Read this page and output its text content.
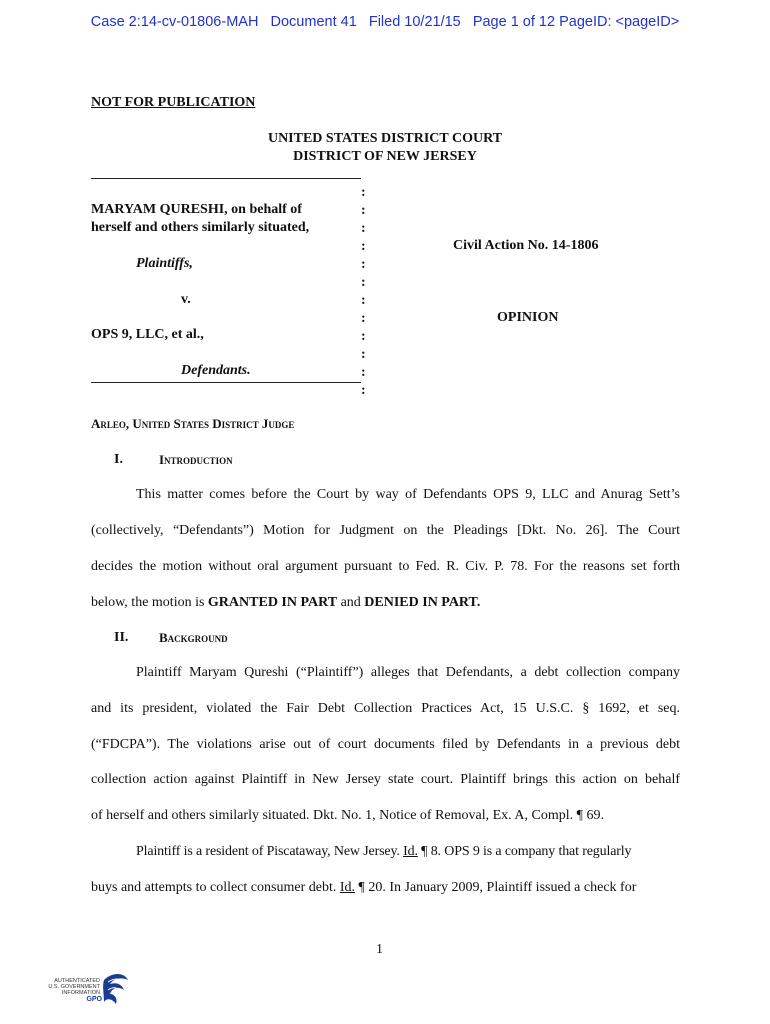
Case 2:14-cv-01806-MAH   Document 41   Filed 10/21/15   Page 1 of 12 PageID: <pageID>
NOT FOR PUBLICATION
UNITED STATES DISTRICT COURT
DISTRICT OF NEW JERSEY
:
:
:
:
:
:
:
:
:
:
:
:
MARYAM QURESHI, on behalf of
herself and others similarly situated,
Plaintiffs,
v.
OPS 9, LLC, et al.,
Defendants.
Civil Action No. 14-1806
OPINION
Arleo, United States District Judge
I.	Introduction
This matter comes before the Court by way of Defendants OPS 9, LLC and Anurag Sett’s
(collectively, “Defendants”) Motion for Judgment on the Pleadings [Dkt. No. 26]. The Court
decides the motion without oral argument pursuant to Fed. R. Civ. P. 78. For the reasons set forth
below, the motion is GRANTED IN PART and DENIED IN PART.
II. Background
Plaintiff Maryam Qureshi (“Plaintiff”) alleges that Defendants, a debt collection company
and its president, violated the Fair Debt Collection Practices Act, 15 U.S.C. § 1692, et seq.
(“FDCPA”). The violations arise out of court documents filed by Defendants in a previous debt
collection action against Plaintiff in New Jersey state court. Plaintiff brings this action on behalf
of herself and others similarly situated. Dkt. No. 1, Notice of Removal, Ex. A, Compl. ¶ 69.
Plaintiff is a resident of Piscataway, New Jersey. Id. ¶ 8. OPS 9 is a company that regularly
buys and attempts to collect consumer debt. Id. ¶ 20. In January 2009, Plaintiff issued a check for
1
AUTHENTICATED
U.S. GOVERNMENT
INFORMATION
GPO
